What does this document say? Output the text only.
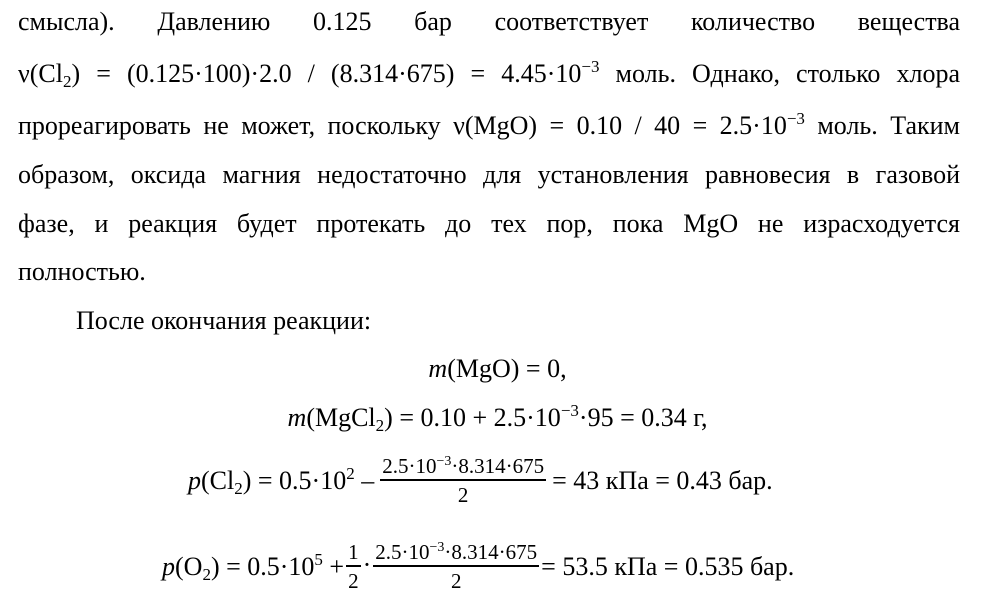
смысла). Давлению 0.125 бар соответствует количество вещества
$\nu(Cl_2) = (0.125\cdot 100)\cdot 2.0 / (8.314\cdot 675) = 4.45\cdot 10^{-3}$ моль. Однако, столько хлора
прореагировать не может, поскольку $\nu(MgO) = 0.10 / 40 = 2.5\cdot 10^{-3}$ моль. Таким
образом, оксида магния недостаточно для установления равновесия в газовой
фазе, и реакция будет протекать до тех пор, пока MgO не израсходуется
полностью.
После окончания реакции:
m(MgO) = 0,
m(MgCl$_2$) = $0.10 + 2.5\cdot 10^{-3}\cdot 95 = 0.34$ г,
$p(Cl_2) = 0.5\cdot 10^2 - \frac{2.5\cdot 10^{-3}\cdot 8.314\cdot 675}{2} = 43$ кПа = 0.43 бар.
$p(O_2) = 0.5\cdot 10^5 + \frac{1}{2} \cdot \frac{2.5\cdot 10^{-3}\cdot 8.314\cdot 675}{2} = 53.5$ кПа = 0.535 бар.
